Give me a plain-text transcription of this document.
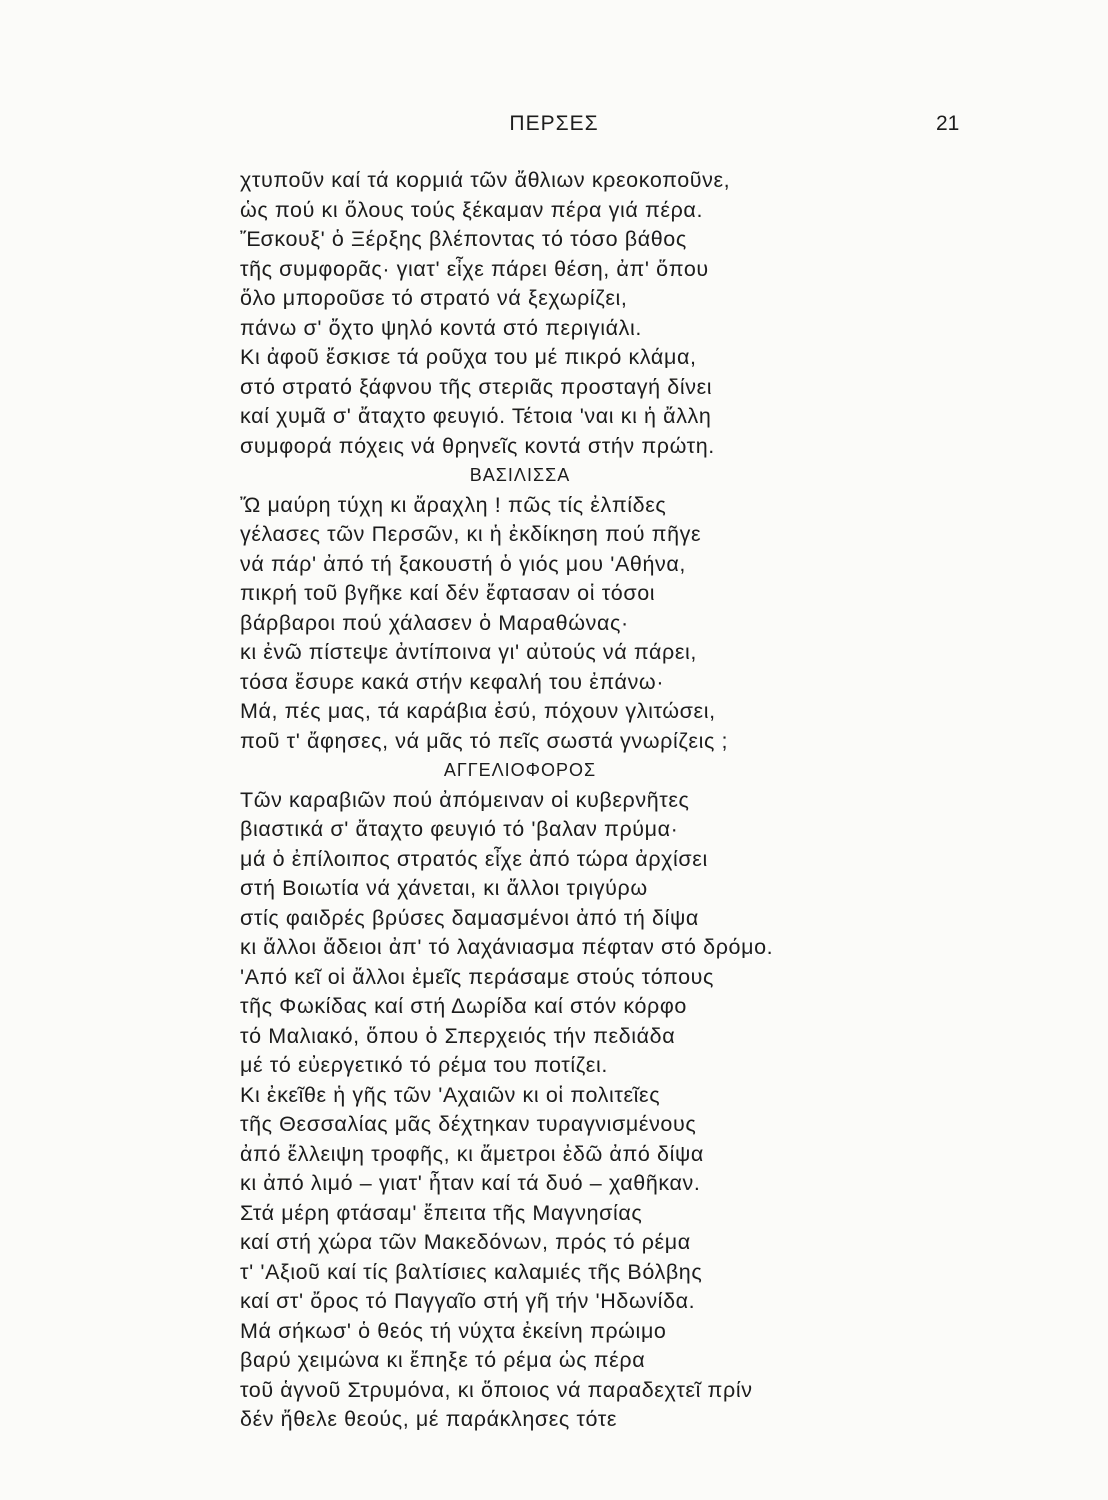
ΠΕΡΣΕΣ	21
χτυποῦν καί τά κορμιά τῶν ἄθλιων κρεοκοποῦνε,
ὡς πού κι ὅλους τούς ξέκαμαν πέρα γιά πέρα.
Ἔσκουξ' ὁ Ξέρξης βλέποντας τό τόσο βάθος
τῆς συμφορᾶς· γιατ' εἶχε πάρει θέση, ἀπ' ὅπου
ὅλο μποροῦσε τό στρατό νά ξεχωρίζει,
πάνω σ' ὄχτο ψηλό κοντά στό περιγιάλι.
Κι ἀφοῦ ἔσκισε τά ροῦχα του μέ πικρό κλάμα,
στό στρατό ξάφνου τῆς στεριᾶς προσταγή δίνει
καί χυμᾶ σ' ἄταχτο φευγιό. Τέτοια 'ναι κι ἡ ἄλλη
συμφορά πόχεις νά θρηνεῖς κοντά στήν πρώτη.
ΒΑΣΙΛΙΣΣΑ
Ὤ μαύρη τύχη κι ἄραχλη ! πῶς τίς ἐλπίδες
γέλασες τῶν Περσῶν, κι ἡ ἐκδίκηση πού πῆγε
νά πάρ' ἀπό τή ξακουστή ὁ γιός μου 'Αθήνα,
πικρή τοῦ βγῆκε καί δέν ἔφτασαν οἱ τόσοι
βάρβαροι πού χάλασεν ὁ Μαραθώνας·
κι ἐνῶ πίστεψε ἀντίποινα γι' αὐτούς νά πάρει,
τόσα ἔσυρε κακά στήν κεφαλή του ἐπάνω·
Μά, πές μας, τά καράβια ἐσύ, πόχουν γλιτώσει,
ποῦ τ' ἄφησες, νά μᾶς τό πεῖς σωστά γνωρίζεις ;
ΑΓΓΕΛΙΟΦΟΡΟΣ
Τῶν καραβιῶν πού ἀπόμειναν οἱ κυβερνῆτες
βιαστικά σ' ἄταχτο φευγιό τό 'βαλαν πρύμα·
μά ὁ ἐπίλοιπος στρατός εἶχε ἀπό τώρα ἀρχίσει
στή Βοιωτία νά χάνεται, κι ἄλλοι τριγύρω
στίς φαιδρές βρύσες δαμασμένοι ἀπό τή δίψα
κι ἄλλοι ἄδειοι ἀπ' τό λαχάνιασμα πέφταν στό δρόμο.
'Από κεῖ οἱ ἄλλοι ἐμεῖς περάσαμε στούς τόπους
τῆς Φωκίδας καί στή Δωρίδα καί στόν κόρφο
τό Μαλιακό, ὅπου ὁ Σπερχειός τήν πεδιάδα
μέ τό εὐεργετικό τό ρέμα του ποτίζει.
Κι ἐκεῖθε ἡ γῆς τῶν 'Αχαιῶν κι οἱ πολιτεῖες
τῆς Θεσσαλίας μᾶς δέχτηκαν τυραγνισμένους
ἀπό ἔλλειψη τροφῆς, κι ἄμετροι ἐδῶ ἀπό δίψα
κι ἀπό λιμό – γιατ' ἦταν καί τά δυό – χαθῆκαν.
Στά μέρη φτάσαμ' ἔπειτα τῆς Μαγνησίας
καί στή χώρα τῶν Μακεδόνων, πρός τό ρέμα
τ' 'Αξιοῦ καί τίς βαλτίσιες καλαμιές τῆς Βόλβης
καί στ' ὄρος τό Παγγαῖο στή γῆ τήν 'Ηδωνίδα.
Μά σήκωσ' ὁ θεός τή νύχτα ἐκείνη πρώιμο
βαρύ χειμώνα κι ἔπηξε τό ρέμα ὡς πέρα
τοῦ ἁγνοῦ Στρυμόνα, κι ὅποιος νά παραδεχτεῖ πρίν
δέν ἤθελε θεούς, μέ παράκλησες τότε
